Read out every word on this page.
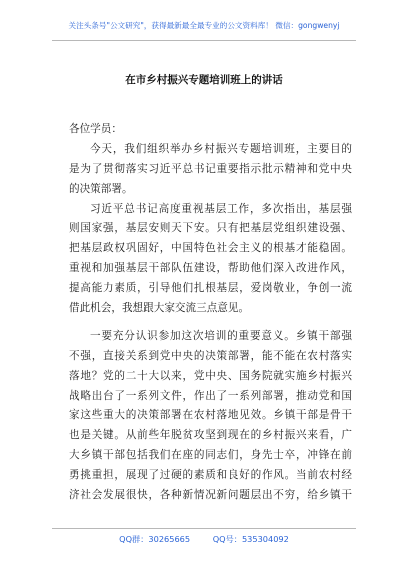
关注头条号"公文研究"，获得最新最全最专业的公文资料库！ 微信：gongwenyj
在市乡村振兴专题培训班上的讲话
各位学员：
今天，我们组织举办乡村振兴专题培训班，主要目的
是为了贯彻落实习近平总书记重要指示批示精神和党中央
的决策部署。
习近平总书记高度重视基层工作，多次指出，基层强
则国家强，基层安则天下安。只有把基层党组织建设强、
把基层政权巩固好，中国特色社会主义的根基才能稳固。
重视和加强基层干部队伍建设，帮助他们深入改进作风，
提高能力素质，引导他们扎根基层，爱岗敬业，争创一流
借此机会，我想跟大家交流三点意见。
一要充分认识参加这次培训的重要意义。乡镇干部强
不强，直接关系到党中央的决策部署，能不能在农村落实
落地？党的二十大以来，党中央、国务院就实施乡村振兴
战略出台了一系列文件，作出了一系列部署，推动党和国
家这些重大的决策部署在农村落地见效。乡镇干部是骨干
也是关键。从前些年脱贫攻坚到现在的乡村振兴来看，广
大乡镇干部包括我们在座的同志们，身先士卒，冲锋在前
勇挑重担，展现了过硬的素质和良好的作风。当前农村经
济社会发展很快，各种新情况新问题层出不穷，给乡镇干
QQ群：30265665	QQ号：535304092
